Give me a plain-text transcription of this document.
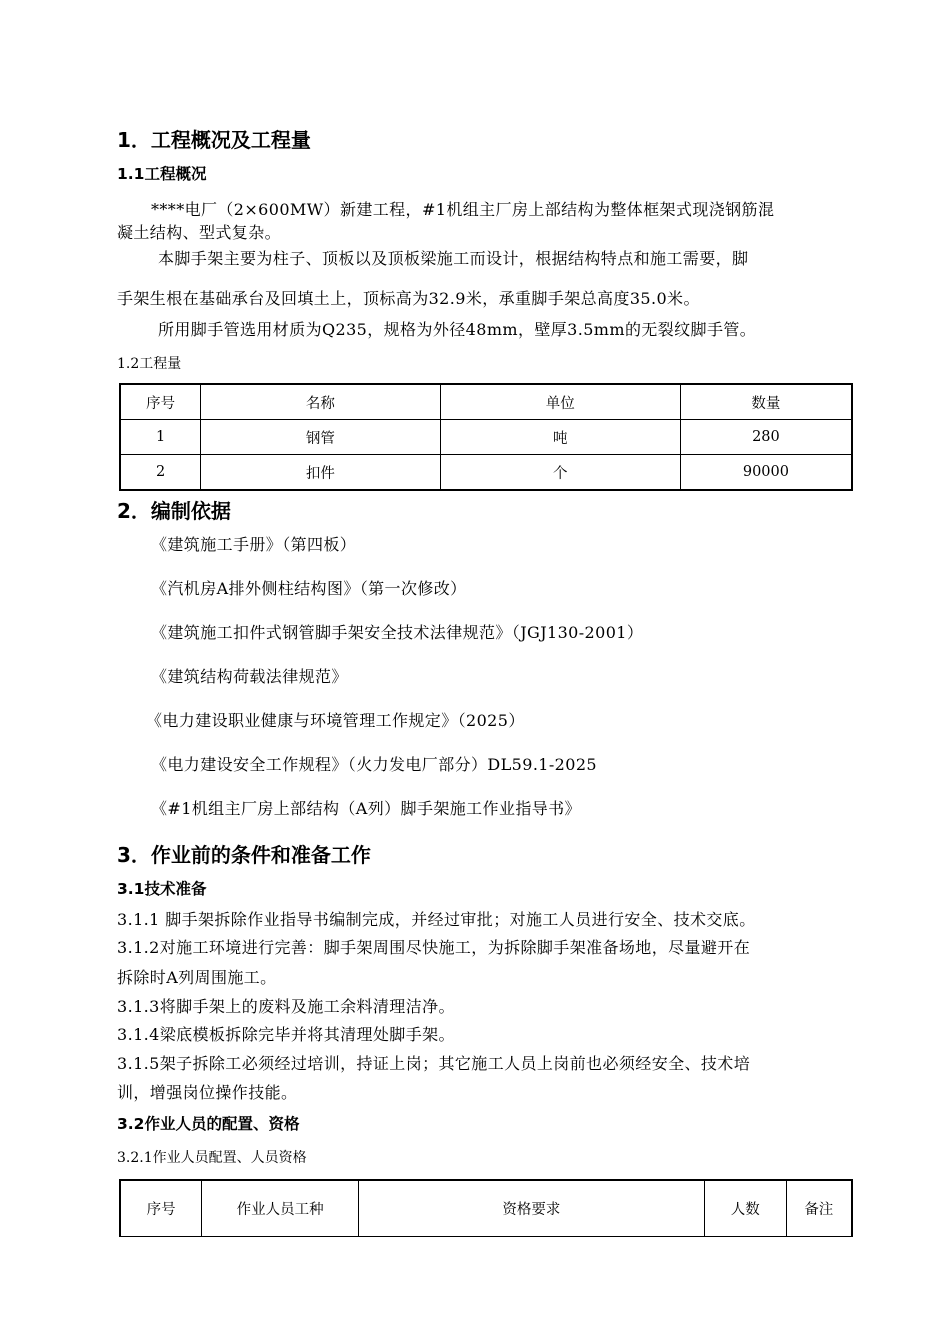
1．工程概况及工程量
1.1工程概况
****电厂（2×600MW）新建工程，#1机组主厂房上部结构为整体框架式现浇钢筋混
凝土结构、型式复杂。
本脚手架主要为柱子、顶板以及顶板梁施工而设计，根据结构特点和施工需要，脚
手架生根在基础承台及回填土上，顶标高为32.9米，承重脚手架总高度35.0米。
所用脚手管选用材质为Q235，规格为外径48mm，壁厚3.5mm的无裂纹脚手管。
1.2工程量
序号	名称	单位	数量
1	钢管	吨	280
2	扣件	个	90000
2．编制依据
《建筑施工手册》（第四板）
《汽机房A排外侧柱结构图》（第一次修改）
《建筑施工扣件式钢管脚手架安全技术法律规范》（JGJ130-2001）
《建筑结构荷载法律规范》
《电力建设职业健康与环境管理工作规定》（2025）
《电力建设安全工作规程》（火力发电厂部分）DL59.1-2025
《#1机组主厂房上部结构（A列）脚手架施工作业指导书》
3．作业前的条件和准备工作
3.1技术准备
3.1.1 脚手架拆除作业指导书编制完成，并经过审批；对施工人员进行安全、技术交底。
3.1.2对施工环境进行完善：脚手架周围尽快施工，为拆除脚手架准备场地，尽量避开在
拆除时A列周围施工。
3.1.3将脚手架上的废料及施工余料清理洁净。
3.1.4梁底模板拆除完毕并将其清理处脚手架。
3.1.5架子拆除工必须经过培训，持证上岗；其它施工人员上岗前也必须经安全、技术培
训，增强岗位操作技能。
3.2作业人员的配置、资格
3.2.1作业人员配置、人员资格
序号	作业人员工种	资格要求	人数	备注
